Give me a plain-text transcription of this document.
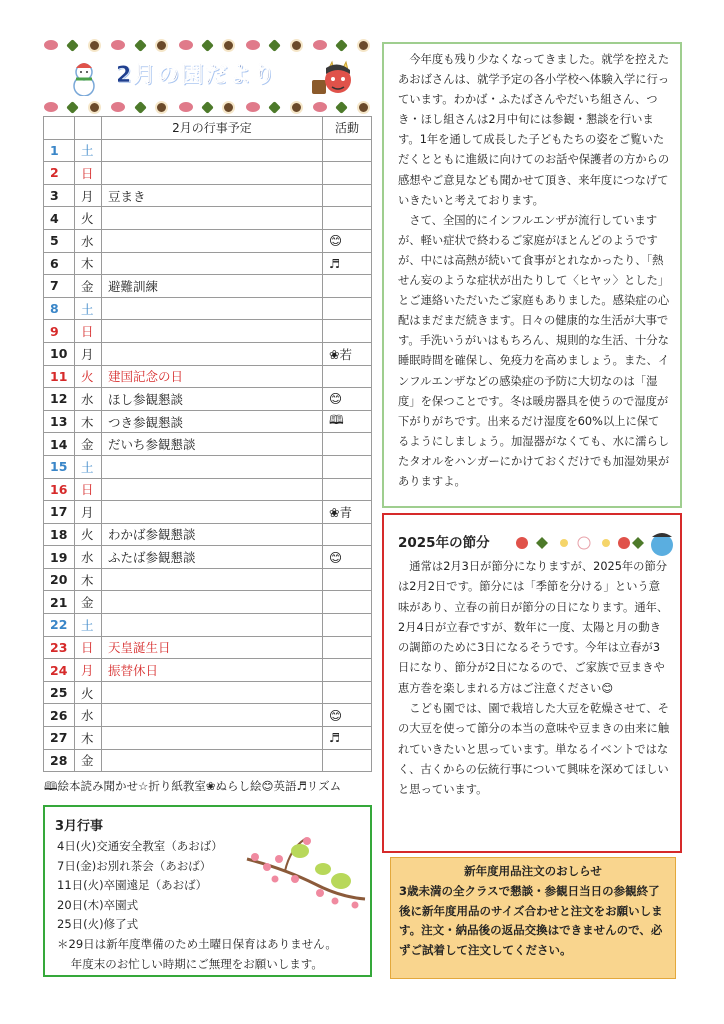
2月の園だより
		2月の行事予定	活動
1	土		
2	日		
3	月	豆まき	
4	火		
5	水		😊
6	木		♬
7	金	避難訓練	
8	土		
9	日		
10	月		❀若
11	火	建国記念の日	
12	水	ほし参観懇談	😊
13	木	つき参観懇談	🕮
14	金	だいち参観懇談	
15	土		
16	日		
17	月		❀青
18	火	わかば参観懇談	
19	水	ふたば参観懇談	😊
20	木		
21	金		
22	土		
23	日	天皇誕生日	
24	月	振替休日	
25	火		
26	水		😊
27	木		♬
28	金		
🕮絵本読み聞かせ☆折り紙教室❀ぬらし絵😊英語♬リズム
3月行事
4日(火)交通安全教室（あおば）
7日(金)お別れ茶会（あおば）
11日(火)卒園遠足（あおば）
20日(木)卒園式
25日(火)修了式
＊29日は新年度準備のため土曜日保育はありません。
年度末のお忙しい時期にご無理をお願いします。

今年度も残り少なくなってきました。就学を控えたあおばさんは、就学予定の各小学校へ体験入学に行っています。わかば・ふたばさんやだいち組さん、つき・ほし組さんは2月中旬には参観・懇談を行います。1年を通して成長した子どもたちの姿をご覧いただくとともに進級に向けてのお話や保護者の方からの感想やご意見なども聞かせて頂き、来年度につなげていきたいと考えております。

さて、全国的にインフルエンザが流行していますが、軽い症状で終わるご家庭がほとんどのようですが、中には高熱が続いて食事がとれなかったり、「熱せん妄のような症状が出たりして〈ヒヤッ〉とした」とご連絡いただいたご家庭もありました。感染症の心配はまだまだ続きます。日々の健康的な生活が大事です。手洗いうがいはもちろん、規則的な生活、十分な睡眠時間を確保し、免疫力を高めましょう。また、インフルエンザなどの感染症の予防に大切なのは「湿度」を保つことです。冬は暖房器具を使うので湿度が下がりがちです。出来るだけ湿度を60%以上に保てるようにしましょう。加湿器がなくても、水に濡らしたタオルをハンガーにかけておくだけでも加湿効果がありますよ。

2025年の節分

通常は2月3日が節分になりますが、2025年の節分は2月2日です。節分には「季節を分ける」という意味があり、立春の前日が節分の日になります。通年、2月4日が立春ですが、数年に一度、太陽と月の動きの調節のために3日になるそうです。今年は立春が3日になり、節分が2日になるので、ご家族で豆まきや恵方巻を楽しまれる方はご注意ください😊

こども園では、園で栽培した大豆を乾燥させて、その大豆を使って節分の本当の意味や豆まきの由来に触れていきたいと思っています。単なるイベントではなく、古くからの伝統行事について興味を深めてほしいと思っています。

新年度用品注文のおしらせ
3歳未満の全クラスで懇談・参観日当日の参観終了後に新年度用品のサイズ合わせと注文をお願いします。注文・納品後の返品交換はできませんので、必ずご試着して注文してください。
